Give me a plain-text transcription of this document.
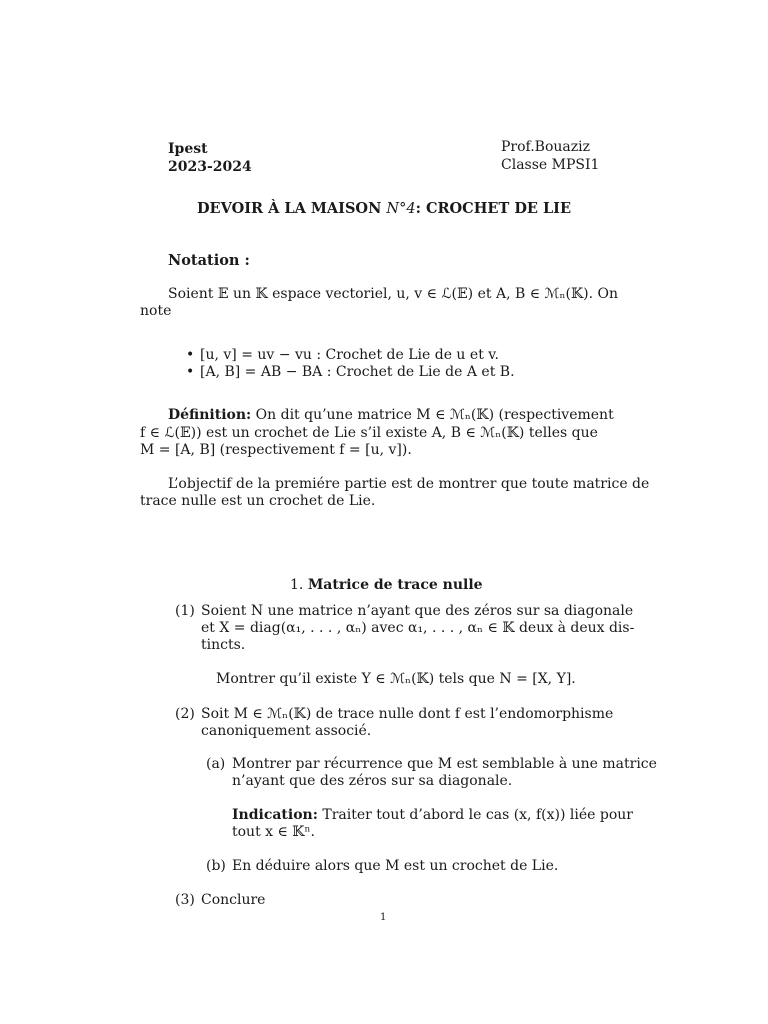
Ipest
2023-2024
Prof.Bouaziz
Classe MPSI1
DEVOIR À LA MAISON N°4: CROCHET DE LIE
Notation :
Soient 𝔼 un 𝕂 espace vectoriel, u, v ∈ ℒ(𝔼) et A, B ∈ ℳₙ(𝕂). On
note
• [u, v] = uv − vu : Crochet de Lie de u et v.
• [A, B] = AB − BA : Crochet de Lie de A et B.
Définition: On dit qu’une matrice M ∈ ℳₙ(𝕂) (respectivement
f ∈ ℒ(𝔼)) est un crochet de Lie s’il existe A, B ∈ ℳₙ(𝕂) telles que
M = [A, B] (respectivement f = [u, v]).
L’objectif de la premiére partie est de montrer que toute matrice de
trace nulle est un crochet de Lie.
1. Matrice de trace nulle
(1) Soient N une matrice n’ayant que des zéros sur sa diagonale
et X = diag(α₁, . . . , αₙ) avec α₁, . . . , αₙ ∈ 𝕂 deux à deux dis-
tincts.
Montrer qu’il existe Y ∈ ℳₙ(𝕂) tels que N = [X, Y].
(2) Soit M ∈ ℳₙ(𝕂) de trace nulle dont f est l’endomorphisme
canoniquement associé.
(a) Montrer par récurrence que M est semblable à une matrice
n’ayant que des zéros sur sa diagonale.
Indication: Traiter tout d’abord le cas (x, f(x)) liée pour
tout x ∈ 𝕂ⁿ.
(b) En déduire alors que M est un crochet de Lie.
(3) Conclure
1
